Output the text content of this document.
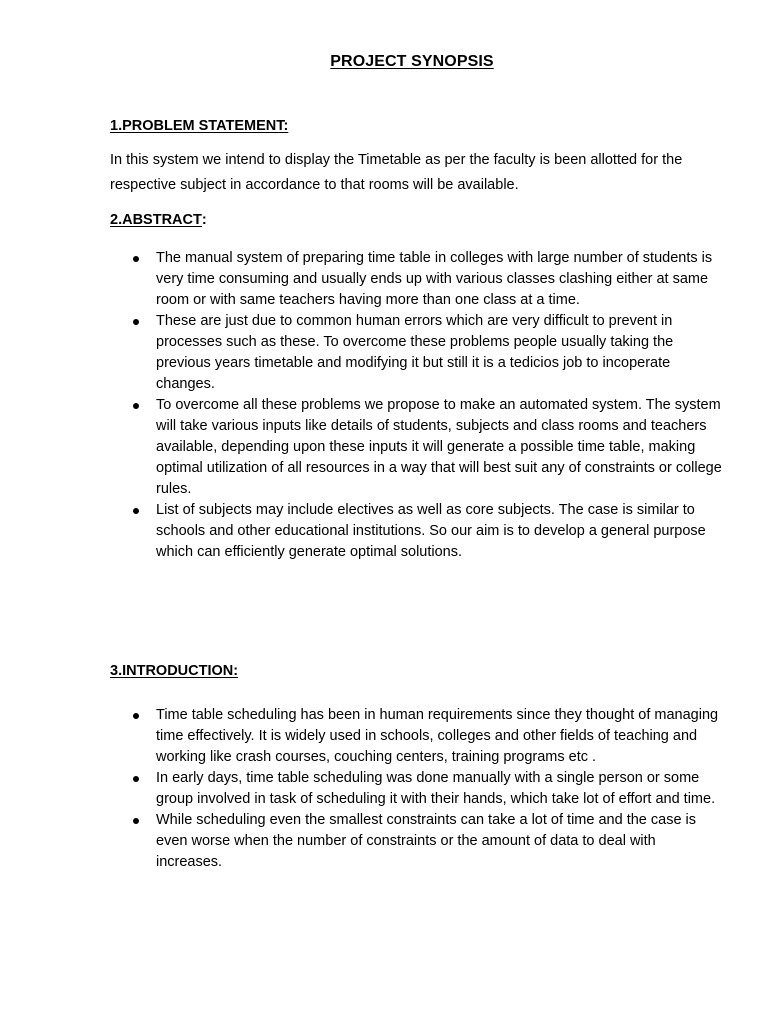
PROJECT SYNOPSIS
1.PROBLEM STATEMENT:
In this system we intend to display the Timetable as per the faculty is been allotted for the respective subject in accordance to that rooms will be available.
2.ABSTRACT:
The manual system of preparing time table in colleges with large number of students is very time consuming and usually ends up with various classes clashing either at same room or with same teachers having more than one class at a time.
These are just due to common human errors which are very difficult to prevent in processes such as these. To overcome these problems people usually taking the previous years timetable and modifying it but still it is a tedicios job to incoperate changes.
To overcome all these problems we propose to make an automated system. The system will take various inputs like details of students, subjects and class rooms and teachers available, depending upon these inputs it will generate a possible time table, making optimal utilization of all resources in a way that will best suit any of constraints or college rules.
List of subjects may include electives as well as core subjects. The case is similar to schools and other educational institutions. So our aim is to develop a general purpose which can efficiently generate optimal solutions.
3.INTRODUCTION:
Time table scheduling has been in human requirements since they thought of managing time effectively. It is widely used in schools, colleges and other fields of teaching and working like crash courses, couching centers, training programs etc .
In early days, time table scheduling was done manually with a single person or some group involved in task of scheduling it with their hands, which take lot of effort and time.
While scheduling even the smallest constraints can take a lot of time and the case is even worse when the number of constraints or the amount of data to deal with increases.
